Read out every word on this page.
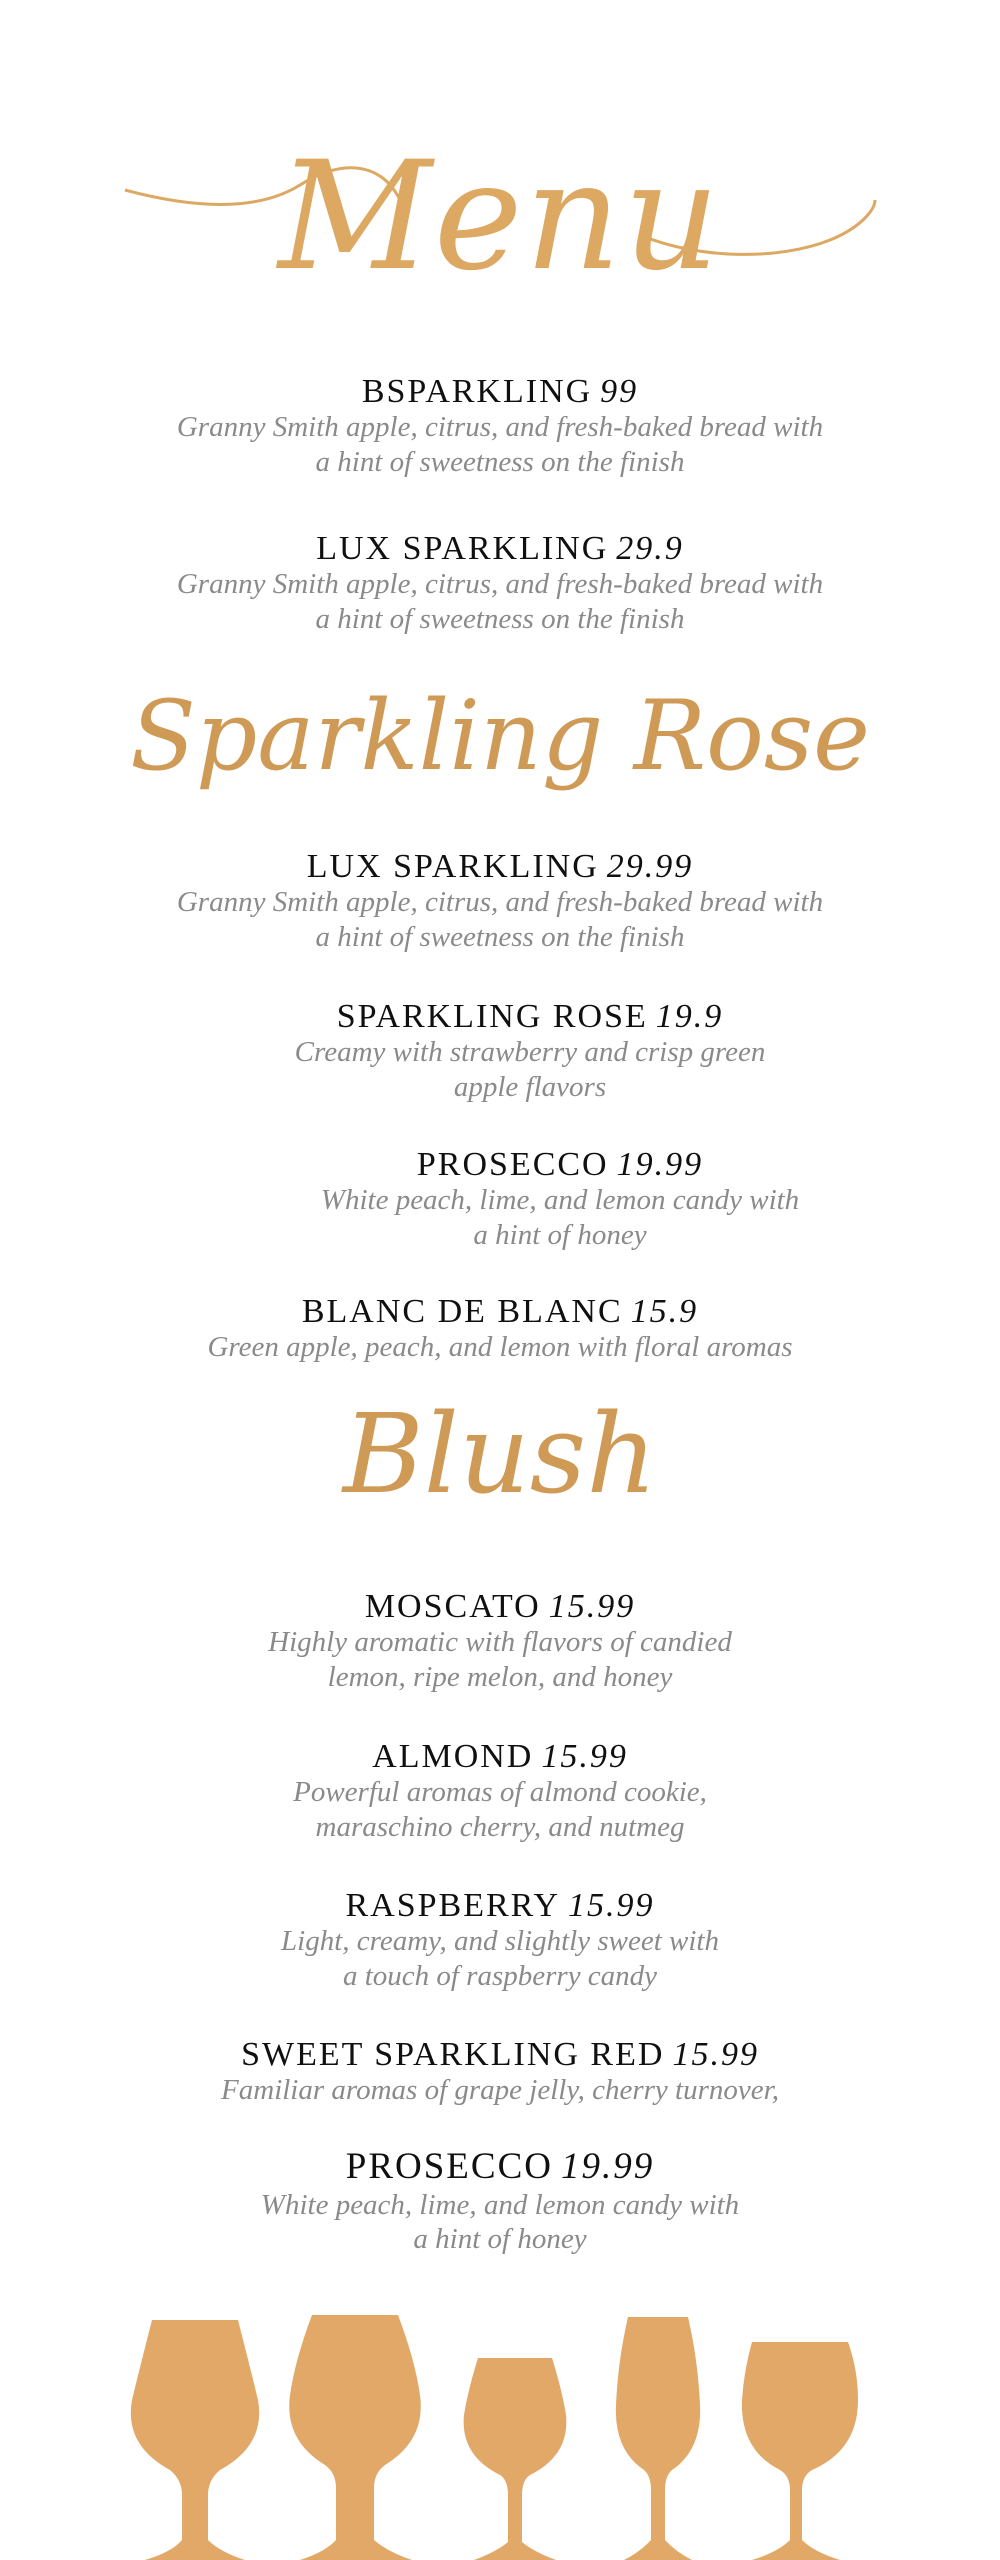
Menu
BSPARKLING 99
Granny Smith apple, citrus, and fresh-baked bread with
a hint of sweetness on the finish
LUX SPARKLING 29.9
Granny Smith apple, citrus, and fresh-baked bread with
a hint of sweetness on the finish
Sparkling Rose
LUX SPARKLING 29.99
Granny Smith apple, citrus, and fresh-baked bread with
a hint of sweetness on the finish
SPARKLING ROSE 19.9
Creamy with strawberry and crisp green
apple flavors
PROSECCO 19.99
White peach, lime, and lemon candy with
a hint of honey
BLANC DE BLANC 15.9
Green apple, peach, and lemon with floral aromas
Blush
MOSCATO 15.99
Highly aromatic with flavors of candied
lemon, ripe melon, and honey
ALMOND 15.99
Powerful aromas of almond cookie,
maraschino cherry, and nutmeg
RASPBERRY 15.99
Light, creamy, and slightly sweet with
a touch of raspberry candy
SWEET SPARKLING RED 15.99
Familiar aromas of grape jelly, cherry turnover,
PROSECCO 19.99
White peach, lime, and lemon candy with
a hint of honey
